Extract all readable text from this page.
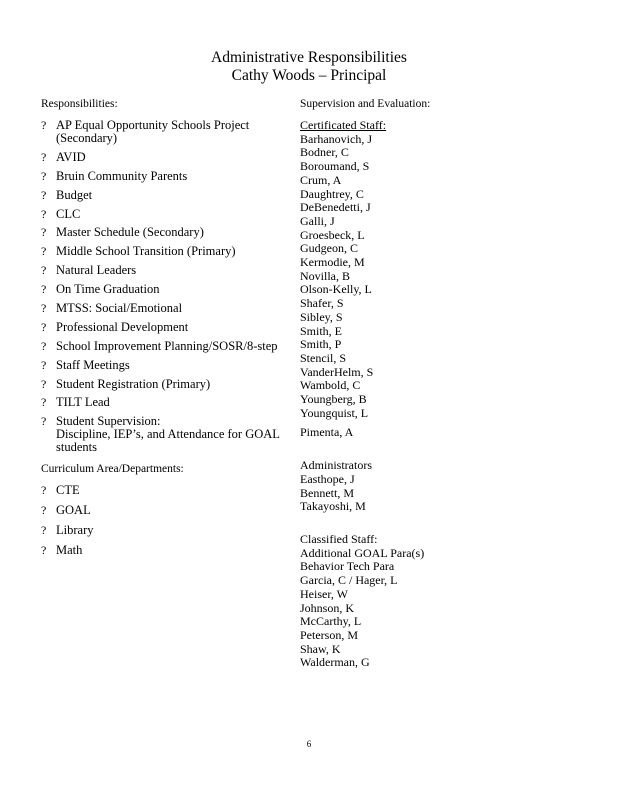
Administrative Responsibilities
Cathy Woods – Principal
Responsibilities:
? AP Equal Opportunity Schools Project (Secondary)
? AVID
? Bruin Community Parents
? Budget
? CLC
? Master Schedule (Secondary)
? Middle School Transition (Primary)
? Natural Leaders
? On Time Graduation
? MTSS: Social/Emotional
? Professional Development
? School Improvement Planning/SOSR/8-step
? Staff Meetings
? Student Registration (Primary)
? TILT Lead
? Student Supervision:
Discipline, IEP’s, and Attendance for GOAL students
Curriculum Area/Departments:
? CTE
? GOAL
? Library
? Math
Supervision and Evaluation:
Certificated Staff:
Barhanovich, J
Bodner, C
Boroumand, S
Crum, A
Daughtrey, C
DeBenedetti, J
Galli, J
Groesbeck, L
Gudgeon, C
Kermodie, M
Novilla, B
Olson-Kelly, L
Shafer, S
Sibley, S
Smith, E
Smith, P
Stencil, S
VanderHelm, S
Wambold, C
Youngberg, B
Youngquist, L
Pimenta, A
Administrators
Easthope, J
Bennett, M
Takayoshi, M
Classified Staff:
Additional GOAL Para(s)
Behavior Tech Para
Garcia, C / Hager, L
Heiser, W
Johnson, K
McCarthy, L
Peterson, M
Shaw, K
Walderman, G
6
